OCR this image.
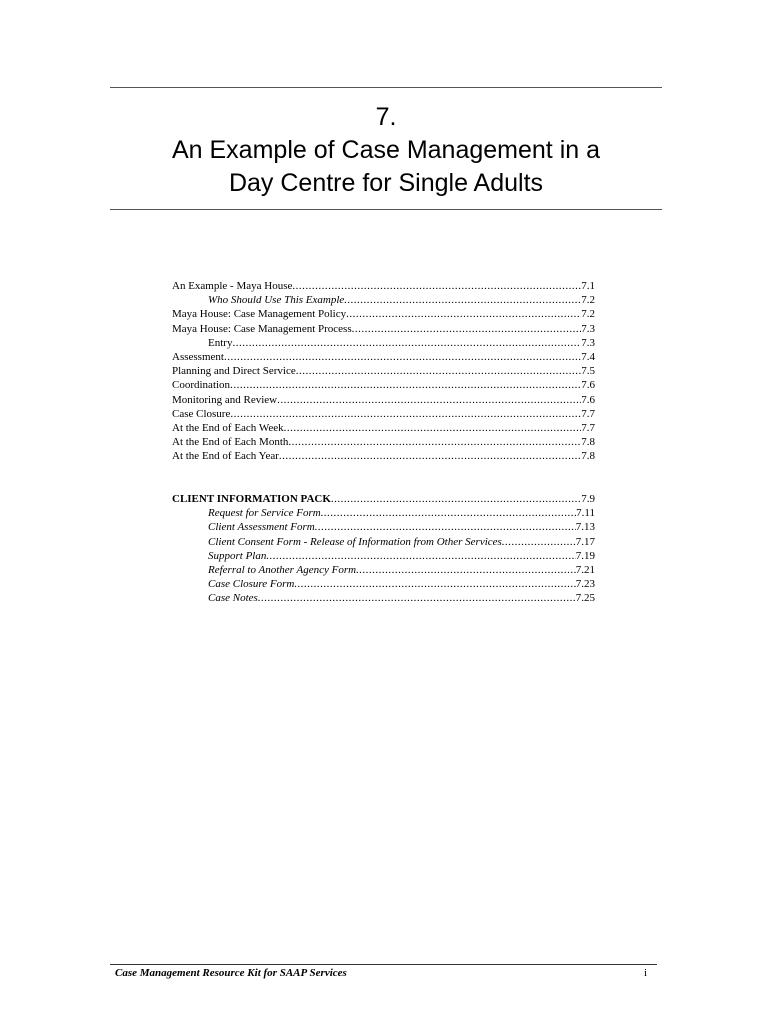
7.
An Example of Case Management in a
Day Centre for Single Adults
An Example - Maya House .....	7.1
Who Should Use This Example .....	7.2
Maya House: Case Management Policy .....	7.2
Maya House: Case Management Process .....	7.3
Entry .....	7.3
Assessment .....	7.4
Planning and Direct Service .....	7.5
Coordination .....	7.6
Monitoring and Review .....	7.6
Case Closure .....	7.7
At the End of Each Week .....	7.7
At the End of Each Month .....	7.8
At the End of Each Year .....	7.8
CLIENT INFORMATION PACK .....	7.9
Request for Service Form .....	7.11
Client Assessment Form .....	7.13
Client Consent Form - Release of Information from Other Services .....	7.17
Support Plan .....	7.19
Referral to Another Agency Form .....	7.21
Case Closure Form .....	7.23
Case Notes .....	7.25
Case Management Resource Kit for SAAP Services	i
